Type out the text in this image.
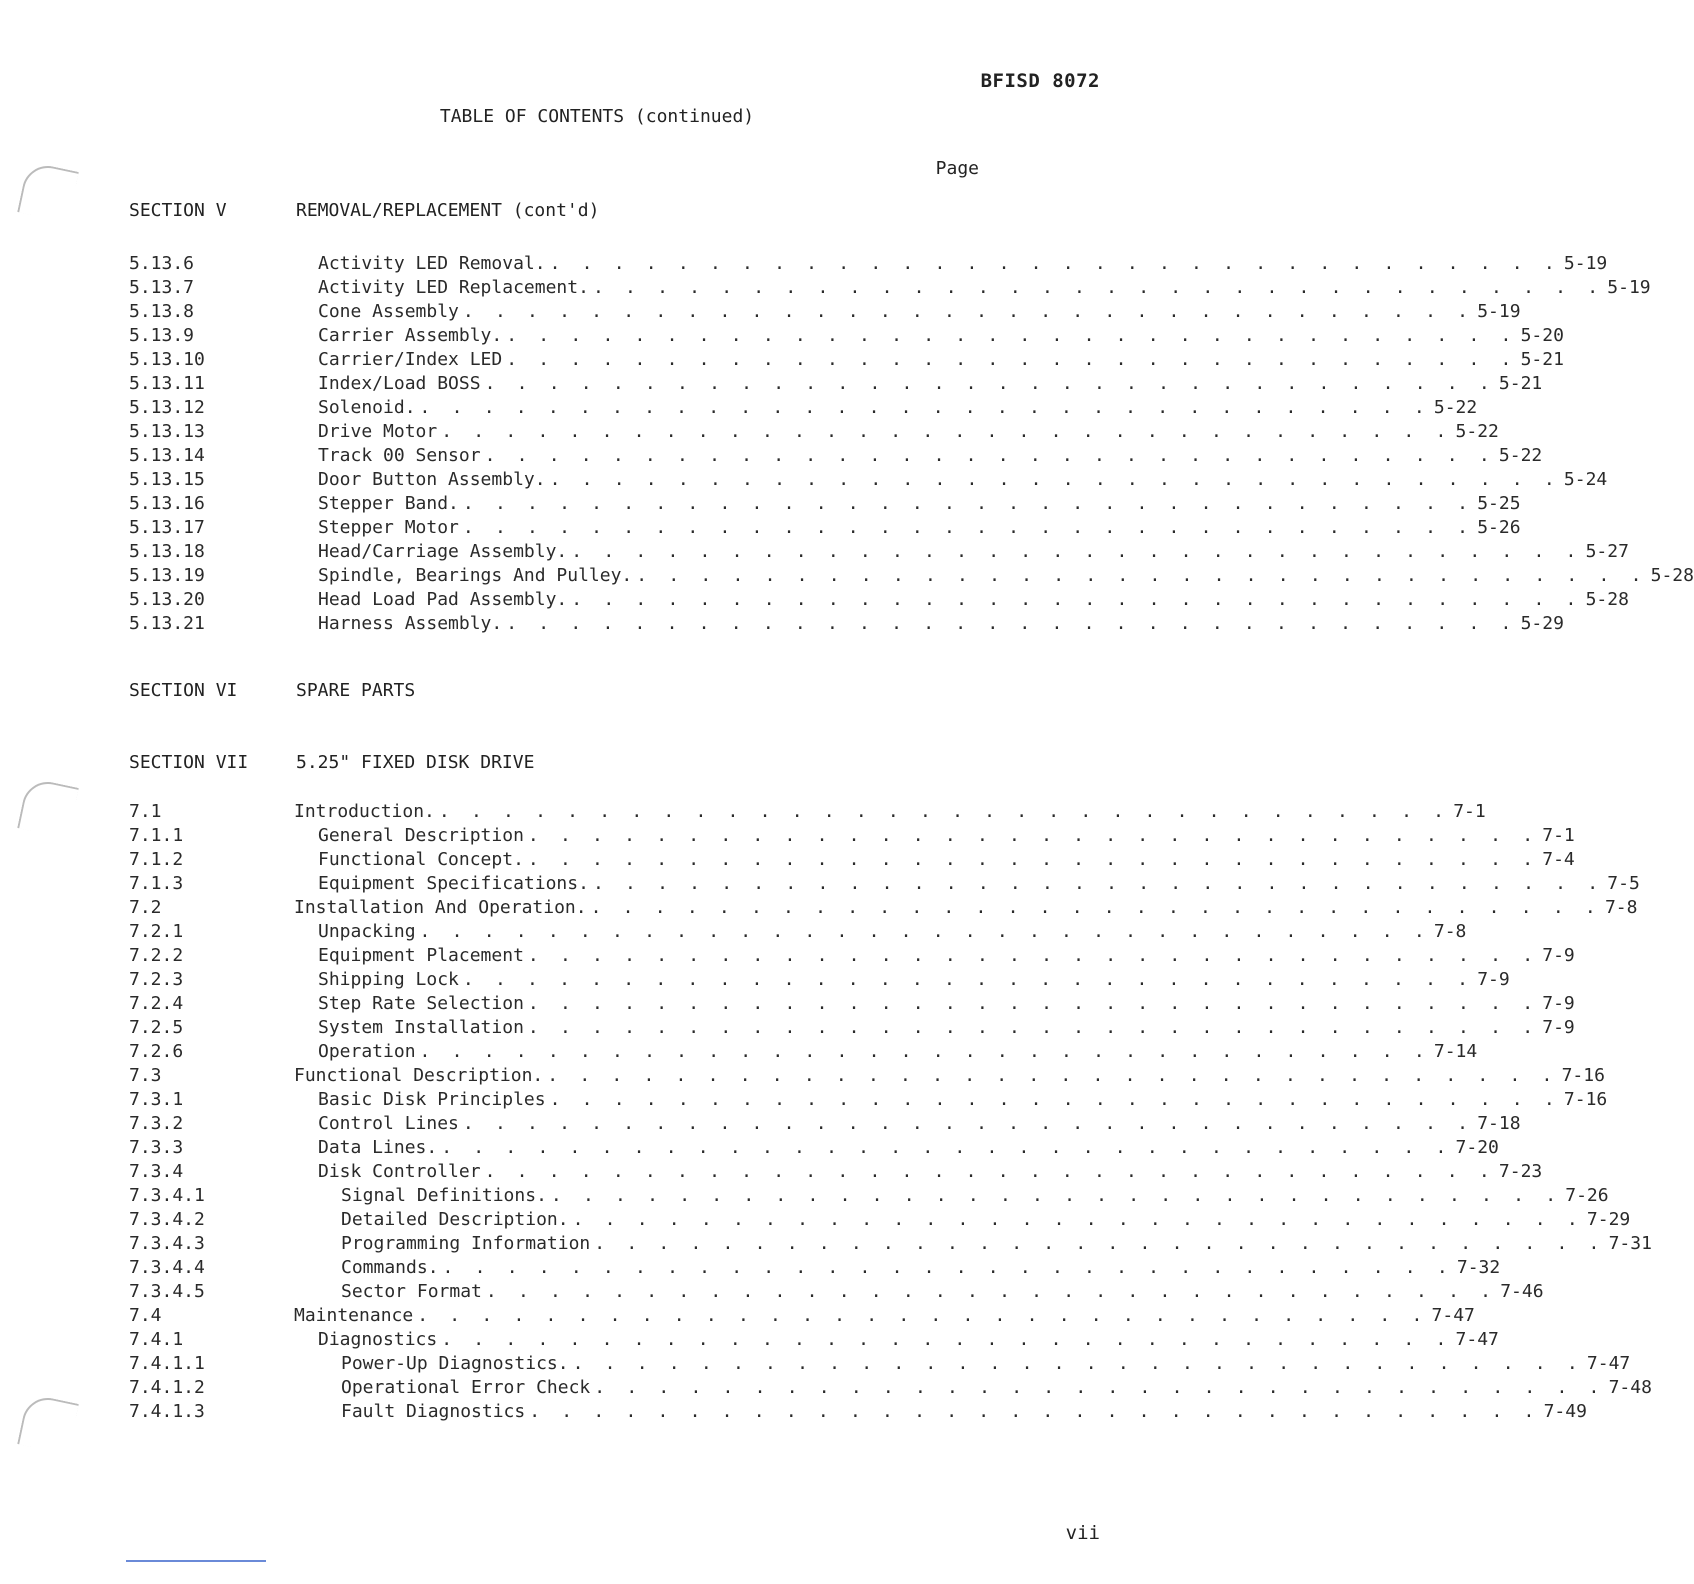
BFISD 8072
TABLE OF CONTENTS (continued)
Page
SECTION V	REMOVAL/REPLACEMENT (cont'd)
5.13.6	Activity LED Removal. . . . . . . . . . . . . . . . . . . . . . . . . . . . . . . . . 5-19
5.13.7	Activity LED Replacement. . . . . . . . . . . . . . . . . . . . . . . . . . . . . . . . . 5-19
5.13.8	Cone Assembly . . . . . . . . . . . . . . . . . . . . . . . . . . . . . . . . 5-19
5.13.9	Carrier Assembly. . . . . . . . . . . . . . . . . . . . . . . . . . . . . . . . . 5-20
5.13.10	Carrier/Index LED . . . . . . . . . . . . . . . . . . . . . . . . . . . . . . . . 5-21
5.13.11	Index/Load BOSS . . . . . . . . . . . . . . . . . . . . . . . . . . . . . . . . 5-21
5.13.12	Solenoid. . . . . . . . . . . . . . . . . . . . . . . . . . . . . . . . . 5-22
5.13.13	Drive Motor . . . . . . . . . . . . . . . . . . . . . . . . . . . . . . . . 5-22
5.13.14	Track 00 Sensor . . . . . . . . . . . . . . . . . . . . . . . . . . . . . . . . 5-22
5.13.15	Door Button Assembly. . . . . . . . . . . . . . . . . . . . . . . . . . . . . . . . . 5-24
5.13.16	Stepper Band. . . . . . . . . . . . . . . . . . . . . . . . . . . . . . . . . 5-25
5.13.17	Stepper Motor . . . . . . . . . . . . . . . . . . . . . . . . . . . . . . . . 5-26
5.13.18	Head/Carriage Assembly. . . . . . . . . . . . . . . . . . . . . . . . . . . . . . . . . 5-27
5.13.19	Spindle, Bearings And Pulley. . . . . . . . . . . . . . . . . . . . . . . . . . . . . . . . . 5-28
5.13.20	Head Load Pad Assembly. . . . . . . . . . . . . . . . . . . . . . . . . . . . . . . . . 5-28
5.13.21	Harness Assembly. . . . . . . . . . . . . . . . . . . . . . . . . . . . . . . . . 5-29
SECTION VI	SPARE PARTS
SECTION VII	5.25" FIXED DISK DRIVE
7.1	Introduction. . . . . . . . . . . . . . . . . . . . . . . . . . . . . . . . . 7-1
7.1.1	General Description . . . . . . . . . . . . . . . . . . . . . . . . . . . . . . . . 7-1
7.1.2	Functional Concept. . . . . . . . . . . . . . . . . . . . . . . . . . . . . . . . . 7-4
7.1.3	Equipment Specifications. . . . . . . . . . . . . . . . . . . . . . . . . . . . . . . . . 7-5
7.2	Installation And Operation. . . . . . . . . . . . . . . . . . . . . . . . . . . . . . . . . 7-8
7.2.1	Unpacking . . . . . . . . . . . . . . . . . . . . . . . . . . . . . . . . 7-8
7.2.2	Equipment Placement . . . . . . . . . . . . . . . . . . . . . . . . . . . . . . . . 7-9
7.2.3	Shipping Lock . . . . . . . . . . . . . . . . . . . . . . . . . . . . . . . . 7-9
7.2.4	Step Rate Selection . . . . . . . . . . . . . . . . . . . . . . . . . . . . . . . . 7-9
7.2.5	System Installation . . . . . . . . . . . . . . . . . . . . . . . . . . . . . . . . 7-9
7.2.6	Operation . . . . . . . . . . . . . . . . . . . . . . . . . . . . . . . . 7-14
7.3	Functional Description. . . . . . . . . . . . . . . . . . . . . . . . . . . . . . . . . 7-16
7.3.1	Basic Disk Principles . . . . . . . . . . . . . . . . . . . . . . . . . . . . . . . . 7-16
7.3.2	Control Lines . . . . . . . . . . . . . . . . . . . . . . . . . . . . . . . . 7-18
7.3.3	Data Lines. . . . . . . . . . . . . . . . . . . . . . . . . . . . . . . . . 7-20
7.3.4	Disk Controller . . . . . . . . . . . . . . . . . . . . . . . . . . . . . . . . 7-23
7.3.4.1	Signal Definitions. . . . . . . . . . . . . . . . . . . . . . . . . . . . . . . . . 7-26
7.3.4.2	Detailed Description. . . . . . . . . . . . . . . . . . . . . . . . . . . . . . . . . 7-29
7.3.4.3	Programming Information . . . . . . . . . . . . . . . . . . . . . . . . . . . . . . . . 7-31
7.3.4.4	Commands. . . . . . . . . . . . . . . . . . . . . . . . . . . . . . . . . 7-32
7.3.4.5	Sector Format . . . . . . . . . . . . . . . . . . . . . . . . . . . . . . . . 7-46
7.4	Maintenance . . . . . . . . . . . . . . . . . . . . . . . . . . . . . . . . 7-47
7.4.1	Diagnostics . . . . . . . . . . . . . . . . . . . . . . . . . . . . . . . . 7-47
7.4.1.1	Power-Up Diagnostics. . . . . . . . . . . . . . . . . . . . . . . . . . . . . . . . . 7-47
7.4.1.2	Operational Error Check . . . . . . . . . . . . . . . . . . . . . . . . . . . . . . . . 7-48
7.4.1.3	Fault Diagnostics . . . . . . . . . . . . . . . . . . . . . . . . . . . . . . . . 7-49
vii
